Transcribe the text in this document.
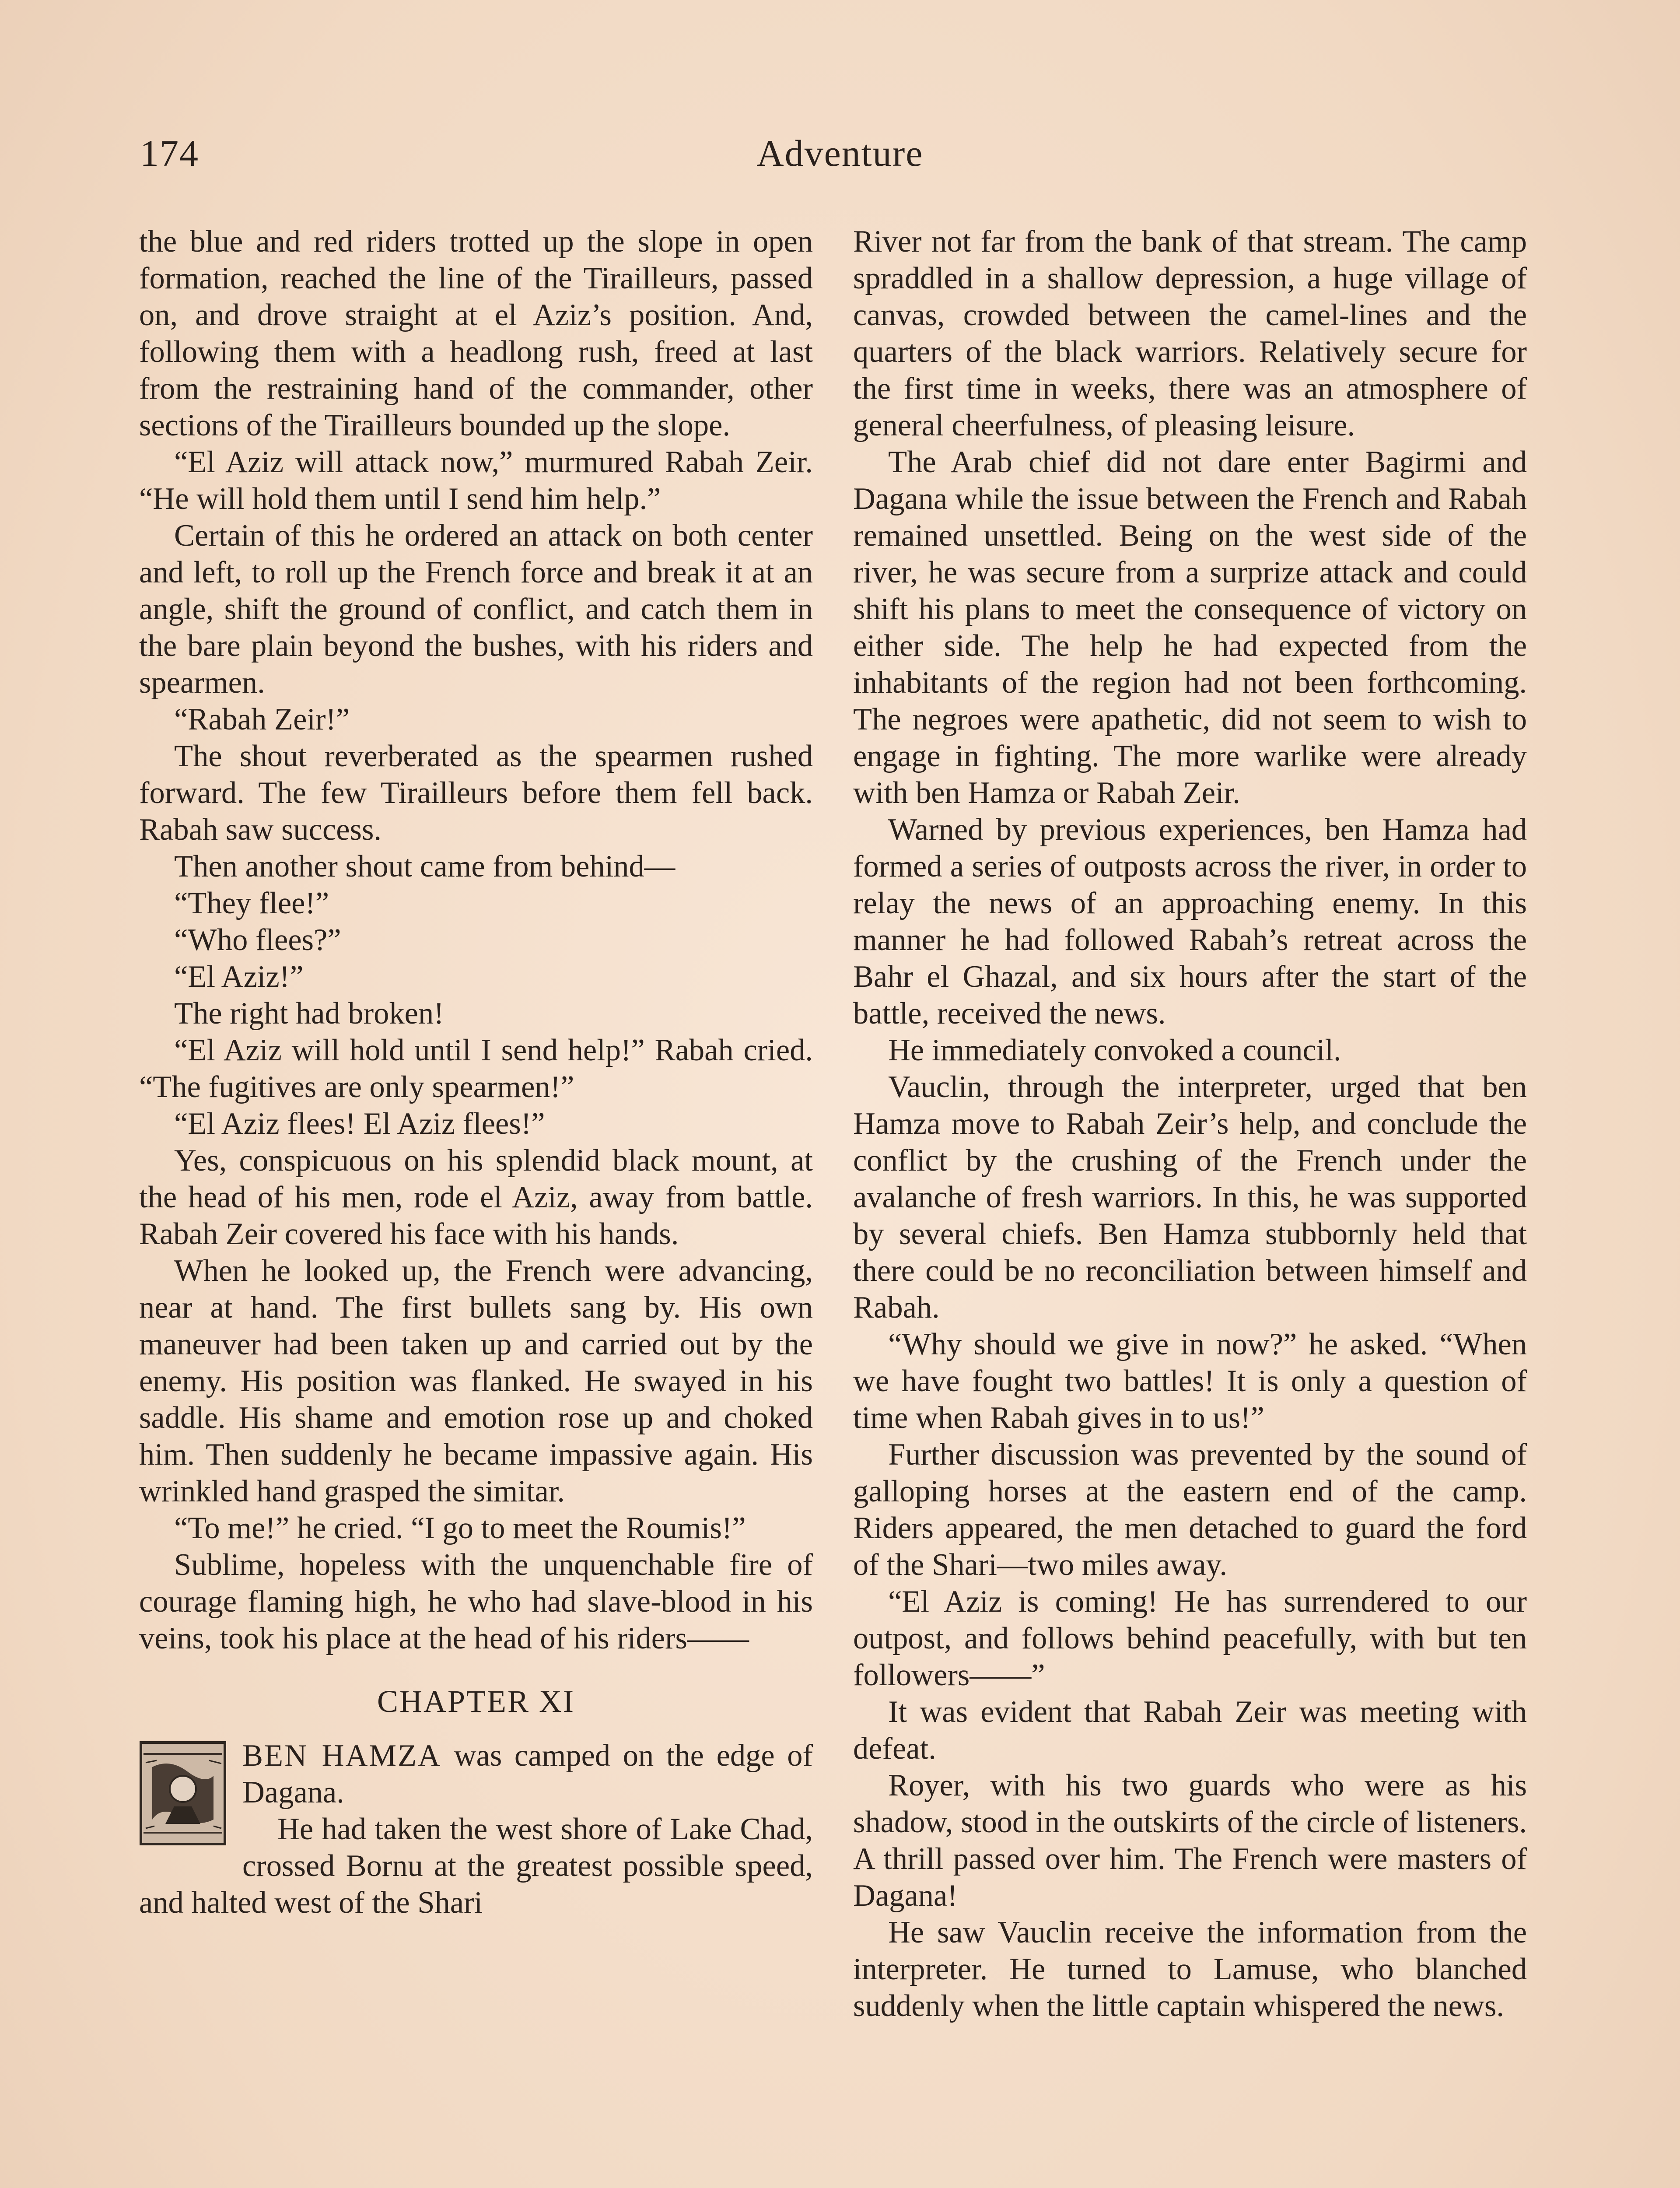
174	Adventure

the blue and red riders trotted up the slope in open formation, reached the line of the Tirailleurs, passed on, and drove straight at el Aziz’s position. And, following them with a headlong rush, freed at last from the restraining hand of the commander, other sections of the Tirailleurs bounded up the slope.

“El Aziz will attack now,” murmured Rabah Zeir. “He will hold them until I send him help.”

Certain of this he ordered an attack on both center and left, to roll up the French force and break it at an angle, shift the ground of conflict, and catch them in the bare plain beyond the bushes, with his riders and spearmen.

“Rabah Zeir!”

The shout reverberated as the spearmen rushed forward. The few Tirailleurs before them fell back. Rabah saw success.

Then another shout came from behind—

“They flee!”

“Who flees?”

“El Aziz!”

The right had broken!

“El Aziz will hold until I send help!” Rabah cried. “The fugitives are only spearmen!”

“El Aziz flees! El Aziz flees!”

Yes, conspicuous on his splendid black mount, at the head of his men, rode el Aziz, away from battle. Rabah Zeir covered his face with his hands.

When he looked up, the French were advancing, near at hand. The first bullets sang by. His own maneuver had been taken up and carried out by the enemy. His position was flanked. He swayed in his saddle. His shame and emotion rose up and choked him. Then suddenly he became impassive again. His wrinkled hand grasped the simitar.

“To me!” he cried. “I go to meet the Roumis!”

Sublime, hopeless with the unquenchable fire of courage flaming high, he who had slave-blood in his veins, took his place at the head of his riders——

CHAPTER XI

BEN HAMZA was camped on the edge of Dagana.

He had taken the west shore of Lake Chad, crossed Bornu at the greatest possible speed, and halted west of the Shari

River not far from the bank of that stream. The camp spraddled in a shallow depression, a huge village of canvas, crowded between the camel-lines and the quarters of the black warriors. Relatively secure for the first time in weeks, there was an atmosphere of general cheerfulness, of pleasing leisure.

The Arab chief did not dare enter Bagirmi and Dagana while the issue between the French and Rabah remained unsettled. Being on the west side of the river, he was secure from a surprize attack and could shift his plans to meet the consequence of victory on either side. The help he had expected from the inhabitants of the region had not been forthcoming. The negroes were apathetic, did not seem to wish to engage in fighting. The more warlike were already with ben Hamza or Rabah Zeir.

Warned by previous experiences, ben Hamza had formed a series of outposts across the river, in order to relay the news of an approaching enemy. In this manner he had followed Rabah’s retreat across the Bahr el Ghazal, and six hours after the start of the battle, received the news.

He immediately convoked a council.

Vauclin, through the interpreter, urged that ben Hamza move to Rabah Zeir’s help, and conclude the conflict by the crushing of the French under the avalanche of fresh warriors. In this, he was supported by several chiefs. Ben Hamza stubbornly held that there could be no reconciliation between himself and Rabah.

“Why should we give in now?” he asked. “When we have fought two battles! It is only a question of time when Rabah gives in to us!”

Further discussion was prevented by the sound of galloping horses at the eastern end of the camp. Riders appeared, the men detached to guard the ford of the Shari—two miles away.

“El Aziz is coming! He has surrendered to our outpost, and follows behind peacefully, with but ten followers——”

It was evident that Rabah Zeir was meeting with defeat.

Royer, with his two guards who were as his shadow, stood in the outskirts of the circle of listeners. A thrill passed over him. The French were masters of Dagana!

He saw Vauclin receive the information from the interpreter. He turned to Lamuse, who blanched suddenly when the little captain whispered the news.
